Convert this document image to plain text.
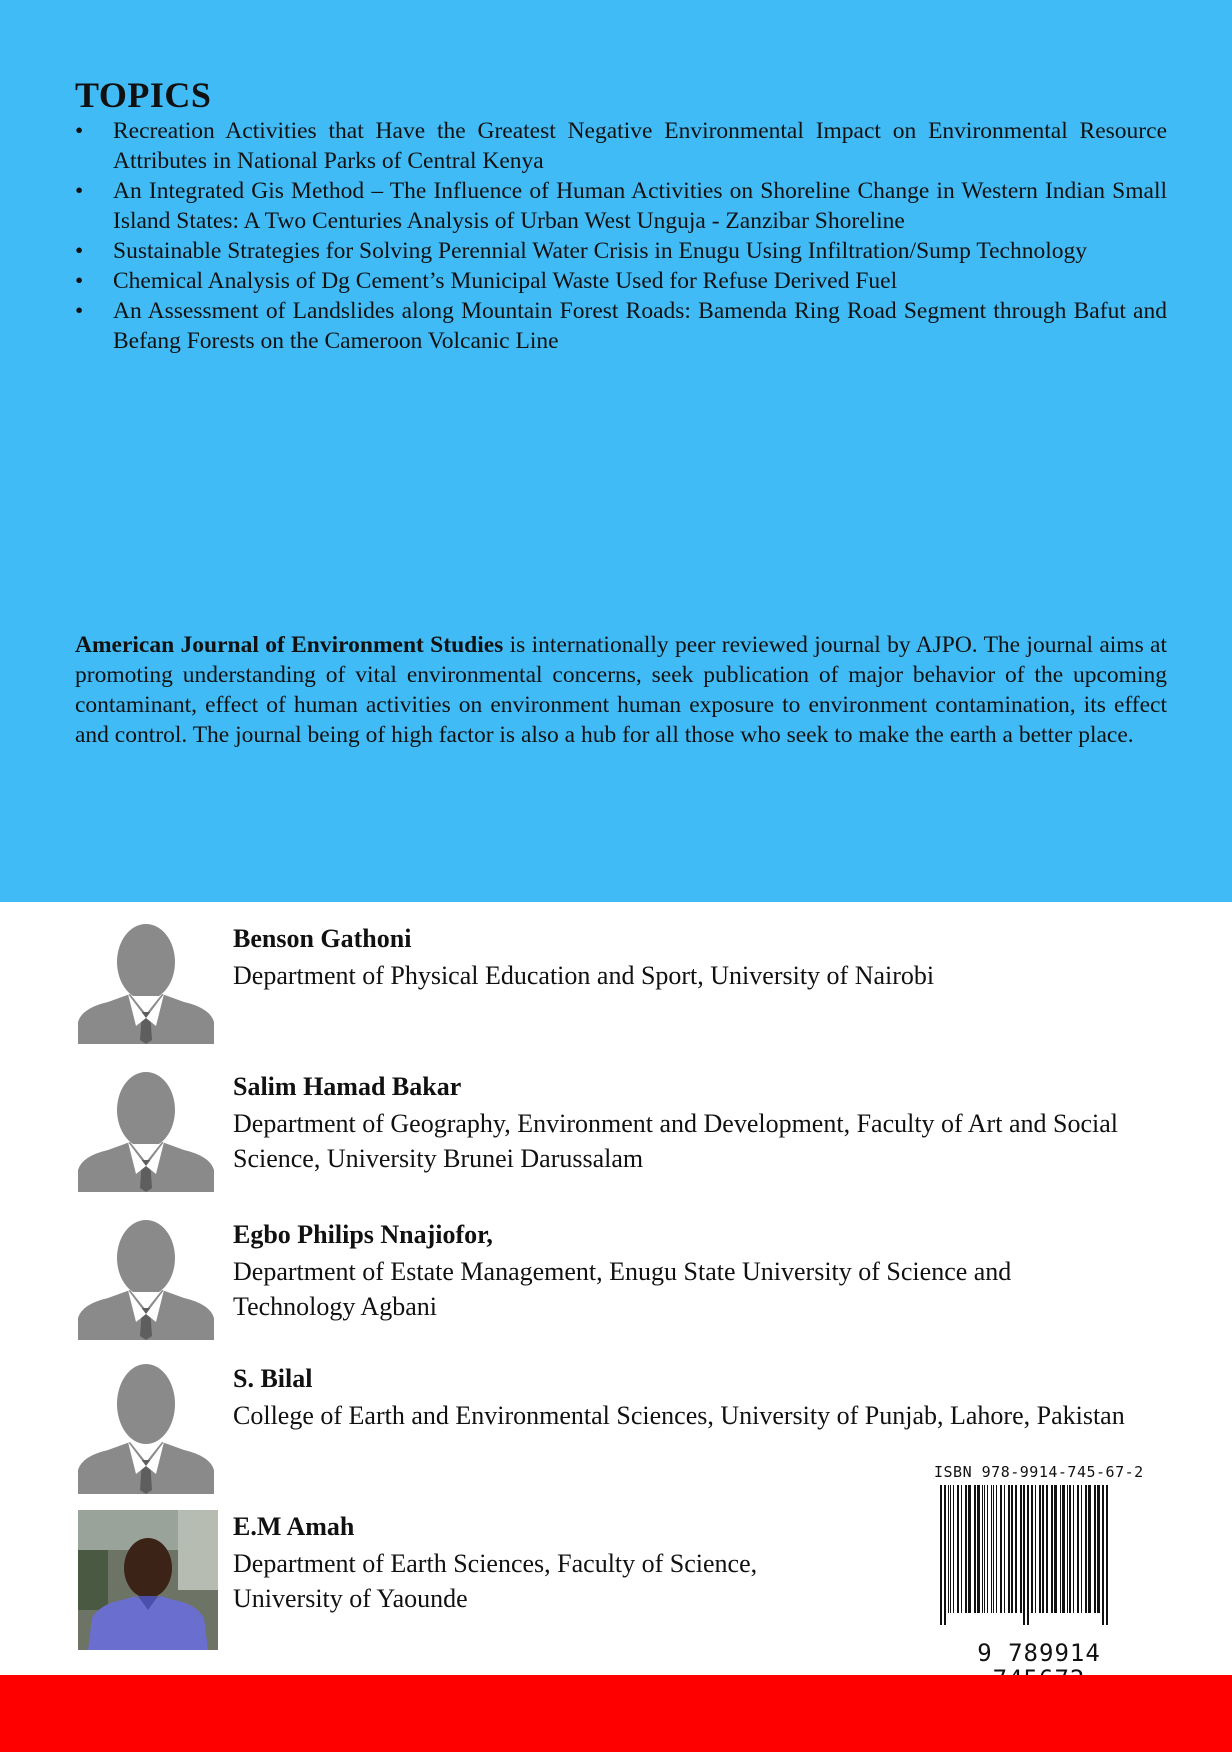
TOPICS
•	Recreation Activities that Have the Greatest Negative Environmental Impact on Environmental Resource Attributes in National Parks of Central Kenya
•	An Integrated Gis Method – The Influence of Human Activities on Shoreline Change in Western Indian Small Island States: A Two Centuries Analysis of Urban West Unguja - Zanzibar Shoreline
•	Sustainable Strategies for Solving Perennial Water Crisis in Enugu Using Infiltration/Sump Technology
•	Chemical Analysis of Dg Cement’s Municipal Waste Used for Refuse Derived Fuel
•	An Assessment of Landslides along Mountain Forest Roads: Bamenda Ring Road Segment through Bafut and Befang Forests on the Cameroon Volcanic Line

American Journal of Environment Studies is internationally peer reviewed journal by AJPO. The journal aims at promoting understanding of vital environmental concerns, seek publication of major behavior of the upcoming contaminant, effect of human activities on environment human exposure to environment contamination, its effect and control. The journal being of high factor is also a hub for all those who seek to make the earth a better place.

Benson Gathoni
Department of Physical Education and Sport, University of Nairobi
Salim Hamad Bakar
Department of Geography, Environment and Development, Faculty of Art and Social Science, University Brunei Darussalam
Egbo Philips Nnajiofor,
Department of Estate Management, Enugu State University of Science and Technology Agbani
S. Bilal
College of Earth and Environmental Sciences, University of Punjab, Lahore, Pakistan
E.M Amah
Department of Earth Sciences, Faculty of Science, University of Yaounde
ISBN 978-9914-745-67-2
9 789914
